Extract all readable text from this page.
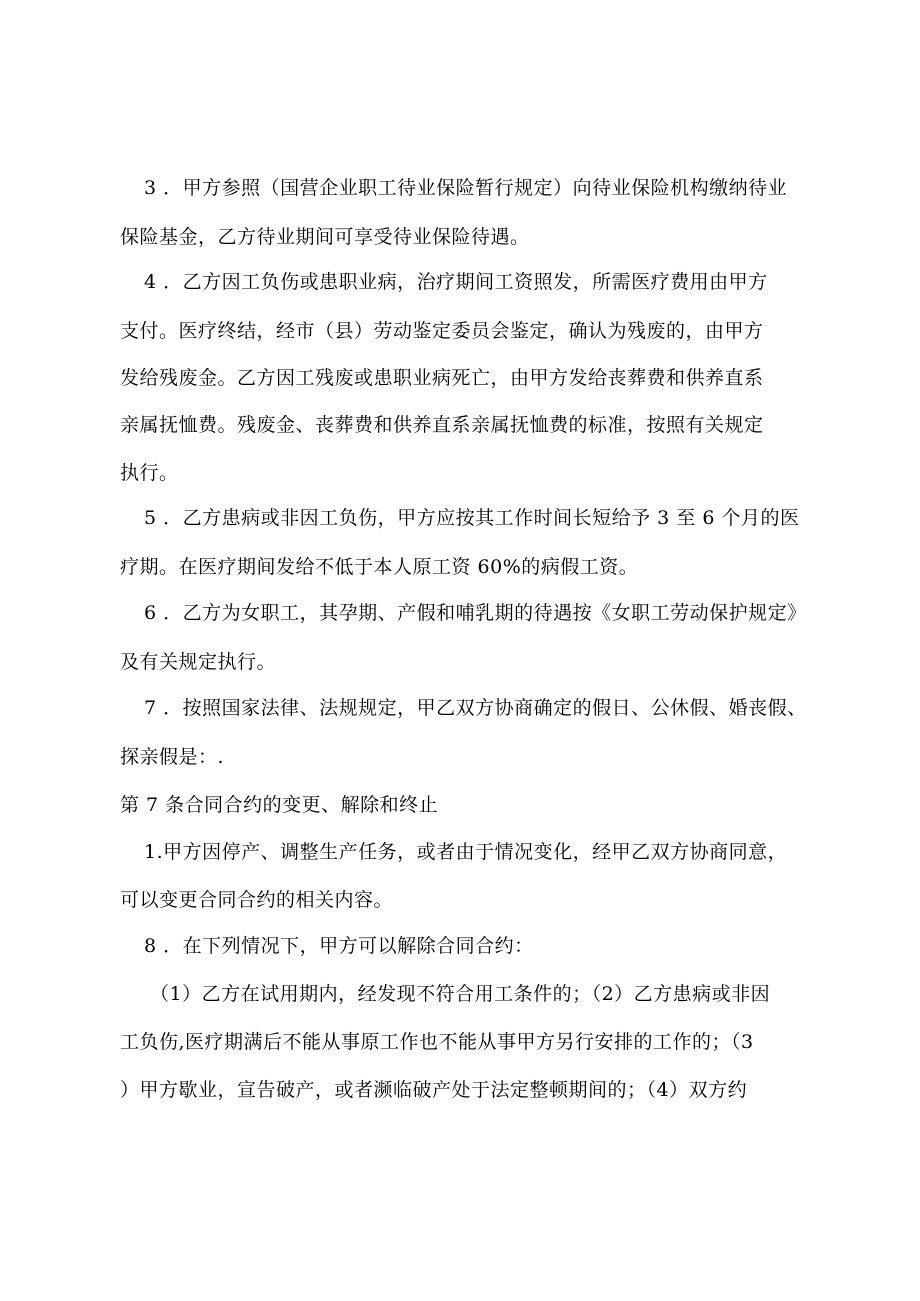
3 ．甲方参照（国营企业职工待业保险暂行规定）向待业保险机构缴纳待业
保险基金，乙方待业期间可享受待业保险待遇。
4 ．乙方因工负伤或患职业病，治疗期间工资照发，所需医疗费用由甲方
支付。医疗终结，经市（县）劳动鉴定委员会鉴定，确认为残废的，由甲方
发给残废金。乙方因工残废或患职业病死亡，由甲方发给丧葬费和供养直系
亲属抚恤费。残废金、丧葬费和供养直系亲属抚恤费的标准，按照有关规定
执行。
5 ．乙方患病或非因工负伤，甲方应按其工作时间长短给予 3 至 6 个月的医
疗期。在医疗期间发给不低于本人原工资 60%的病假工资。
6 ．乙方为女职工，其孕期、产假和哺乳期的待遇按《女职工劳动保护规定》
及有关规定执行。
7 ．按照国家法律、法规规定，甲乙双方协商确定的假日、公休假、婚丧假、
探亲假是：.
第 7 条合同合约的变更、解除和终止
1.甲方因停产、调整生产任务，或者由于情况变化，经甲乙双方协商同意，
可以变更合同合约的相关内容。
8 ．在下列情况下，甲方可以解除合同合约：
（1）乙方在试用期内，经发现不符合用工条件的；（2）乙方患病或非因
工负伤,医疗期满后不能从事原工作也不能从事甲方另行安排的工作的；（3
）甲方歇业，宣告破产，或者濒临破产处于法定整顿期间的；（4）双方约
